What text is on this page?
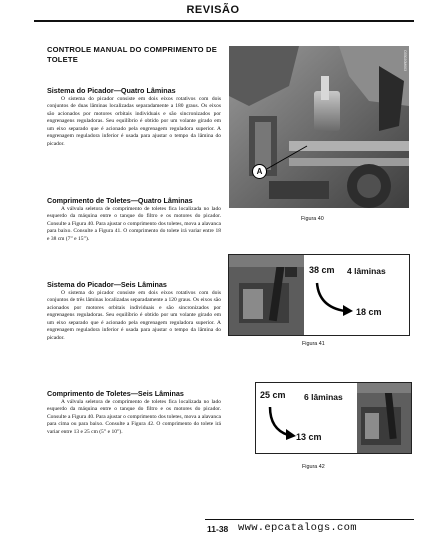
REVISÃO
CONTROLE MANUAL DO COMPRIMENTO DE TOLETE
Sistema do Picador—Quatro Lâminas

O sistema do picador consiste em dois eixos rotativos com dois conjuntos de duas lâminas localizadas separadamente a 180 graus. Os eixos são acionados por motores orbitais individuais e são sincronizados por engrenagens reguladoras. Seu equilíbrio é obtido por um volante girado em um eixo separado que é acionado pela engrenagem reguladora superior. A engrenagem reguladora inferior é usada para ajustar o tempo da lâmina do picador.

Comprimento de Toletes—Quatro Lâminas

A válvula seletora de comprimento de toletes fica localizada no lado esquerdo da máquina entre o tanque do filtro e os motores do picador. Consulte a Figura 40. Para ajustar o comprimento dos toletes, mova a alavanca para baixo. Consulte a Figura 41. O comprimento do tolete irá variar entre 18 e 38 cm (7” e 15”).

Sistema do Picador—Seis Lâminas

O sistema do picador consiste em dois eixos rotativos com dois conjuntos de três lâminas localizadas separadamente a 120 graus. Os eixos são acionados por motores orbitais individuais e são sincronizados por engrenagens reguladoras. Seu equilíbrio é obtido por um volante girado em um eixo separado que é acionado pela engrenagem reguladora superior. A engrenagem reguladora inferior é usada para ajustar o tempo da lâmina do picador.

Comprimento de Toletes—Seis Lâminas

A válvula seletora de comprimento de toletes fica localizada no lado esquerdo da máquina entre o tanque do filtro e os motores do picador. Consulte a Figura 40. Para ajustar o comprimento dos toletes, mova a alavanca para cima ou para baixo. Consulte a Figura 42. O comprimento do tolete irá variar entre 13 e 25 cm (5” e 10”).

A
C65020M003
Figura 40
38 cm 4 lâminas
18 cm
Figura 41
25 cm 6 lâminas
13 cm
Figura 42
11-38 www.epcatalogs.com
